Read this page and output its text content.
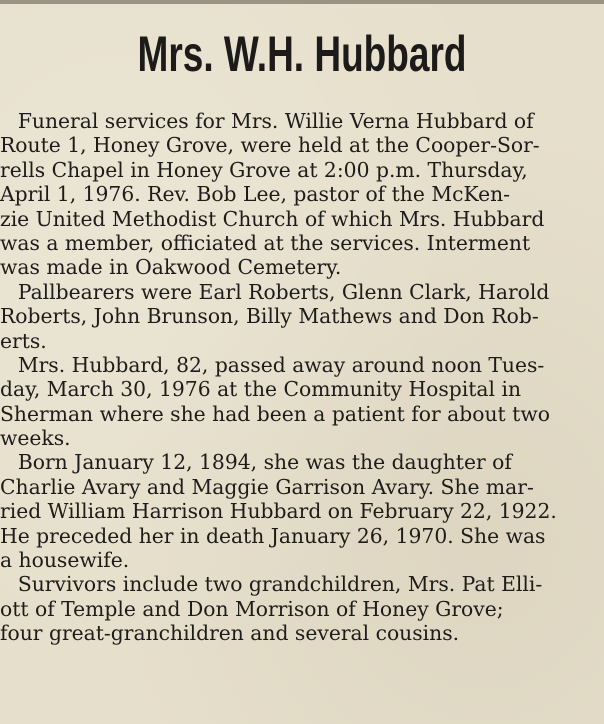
Mrs. W.H. Hubbard
Funeral services for Mrs. Willie Verna Hubbard of
Route 1, Honey Grove, were held at the Cooper-Sor-
rells Chapel in Honey Grove at 2:00 p.m. Thursday,
April 1, 1976. Rev. Bob Lee, pastor of the McKen-
zie United Methodist Church of which Mrs. Hubbard
was a member, officiated at the services. Interment
was made in Oakwood Cemetery.
Pallbearers were Earl Roberts, Glenn Clark, Harold
Roberts, John Brunson, Billy Mathews and Don Rob-
erts.
Mrs. Hubbard, 82, passed away around noon Tues-
day, March 30, 1976 at the Community Hospital in
Sherman where she had been a patient for about two
weeks.
Born January 12, 1894, she was the daughter of
Charlie Avary and Maggie Garrison Avary. She mar-
ried William Harrison Hubbard on February 22, 1922.
He preceded her in death January 26, 1970. She was
a housewife.
Survivors include two grandchildren, Mrs. Pat Elli-
ott of Temple and Don Morrison of Honey Grove;
four great-granchildren and several cousins.
